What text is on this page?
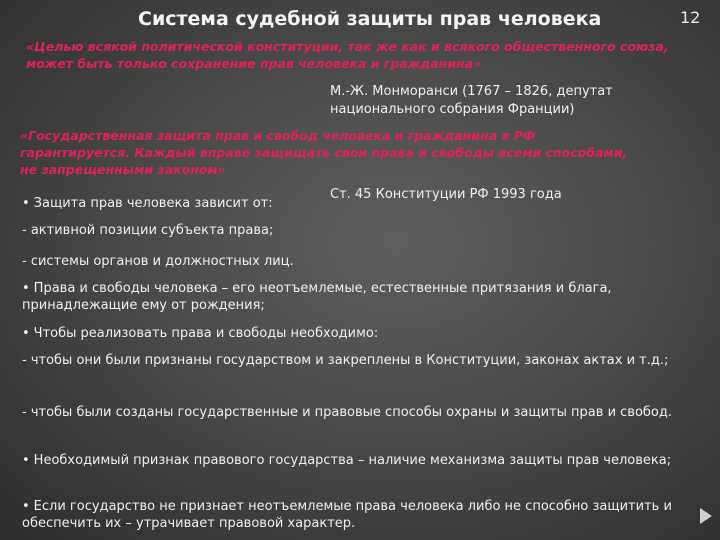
Система судебной защиты прав человека	12
«Целью всякой политической конституции, так же как и всякого общественного союза, может быть только сохранение прав человека и гражданина»
М.-Ж. Монморанси (1767 – 1826, депутат
национального собрания Франции)
«Государственная защита прав и свобод человека и гражданина в РФ гарантируется. Каждый вправе защищать свои права и свободы всеми способами, не запрещенными законом»
Ст. 45 Конституции РФ 1993 года
• Защита прав человека зависит от:
- активной позиции субъекта права;
- системы органов и должностных лиц.
• Права и свободы человека – его неотъемлемые, естественные притязания и блага, принадлежащие ему от рождения;
• Чтобы реализовать права и свободы необходимо:
- чтобы они были признаны государством и закреплены в Конституции, законах актах и т.д.;
- чтобы были созданы государственные и правовые способы охраны и защиты прав и свобод.
• Необходимый признак правового государства – наличие механизма защиты прав человека;
• Если государство не признает неотъемлемые права человека либо не способно защитить и обеспечить их – утрачивает правовой характер.
